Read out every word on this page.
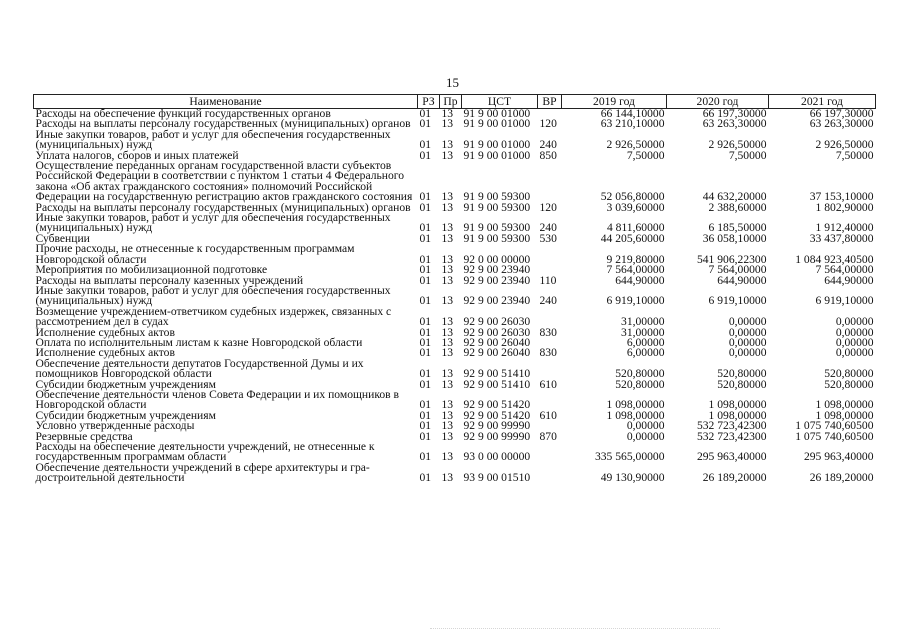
15
Наименование	РЗ	Пр	ЦСТ	ВР	2019 год	2020 год	2021 год
Расходы на обеспечение функций государственных органов	01	13	91 9 00 01000		66 144,10000	66 197,30000	66 197,30000
Расходы на выплаты персоналу государственных (муниципальных) органов	01	13	91 9 00 01000	120	63 210,10000	63 263,30000	63 263,30000
Иные закупки товаров, работ и услуг для обеспечения государственных (муниципальных) нужд	01	13	91 9 00 01000	240	2 926,50000	2 926,50000	2 926,50000
Уплата налогов, сборов и иных платежей	01	13	91 9 00 01000	850	7,50000	7,50000	7,50000
Осуществление переданных органам государственной власти субъектов Российской Федерации в соответствии с пунктом 1 статьи 4 Федерального закона «Об актах гражданского состояния» полномочий Российской Федерации на государственную регистрацию актов гражданского состояния	01	13	91 9 00 59300		52 056,80000	44 632,20000	37 153,10000
Расходы на выплаты персоналу государственных (муниципальных) органов	01	13	91 9 00 59300	120	3 039,60000	2 388,60000	1 802,90000
Иные закупки товаров, работ и услуг для обеспечения государственных (муниципальных) нужд	01	13	91 9 00 59300	240	4 811,60000	6 185,50000	1 912,40000
Субвенции	01	13	91 9 00 59300	530	44 205,60000	36 058,10000	33 437,80000
Прочие расходы, не отнесенные к государственным программам Новгородской области	01	13	92 0 00 00000		9 219,80000	541 906,22300	1 084 923,40500
Мероприятия по мобилизационной подготовке	01	13	92 9 00 23940		7 564,00000	7 564,00000	7 564,00000
Расходы на выплаты персоналу казенных учреждений	01	13	92 9 00 23940	110	644,90000	644,90000	644,90000
Иные закупки товаров, работ и услуг для обеспечения государственных (муниципальных) нужд	01	13	92 9 00 23940	240	6 919,10000	6 919,10000	6 919,10000
Возмещение учреждением-ответчиком судебных издержек, связанных с рассмотрением дел в судах	01	13	92 9 00 26030		31,00000	0,00000	0,00000
Исполнение судебных актов	01	13	92 9 00 26030	830	31,00000	0,00000	0,00000
Оплата по исполнительным листам к казне Новгородской области	01	13	92 9 00 26040		6,00000	0,00000	0,00000
Исполнение судебных актов	01	13	92 9 00 26040	830	6,00000	0,00000	0,00000
Обеспечение деятельности депутатов Государственной Думы и их помощников Новгородской области	01	13	92 9 00 51410		520,80000	520,80000	520,80000
Субсидии бюджетным учреждениям	01	13	92 9 00 51410	610	520,80000	520,80000	520,80000
Обеспечение деятельности членов Совета Федерации и их помощников в Новгородской области	01	13	92 9 00 51420		1 098,00000	1 098,00000	1 098,00000
Субсидии бюджетным учреждениям	01	13	92 9 00 51420	610	1 098,00000	1 098,00000	1 098,00000
Условно утвержденные расходы	01	13	92 9 00 99990		0,00000	532 723,42300	1 075 740,60500
Резервные средства	01	13	92 9 00 99990	870	0,00000	532 723,42300	1 075 740,60500
Расходы на обеспечение деятельности учреждений, не отнесенные к государственным программам области	01	13	93 0 00 00000		335 565,00000	295 963,40000	295 963,40000
Обеспечение деятельности учреждений в сфере архитектуры и градостроительной деятельности	01	13	93 9 00 01510		49 130,90000	26 189,20000	26 189,20000
